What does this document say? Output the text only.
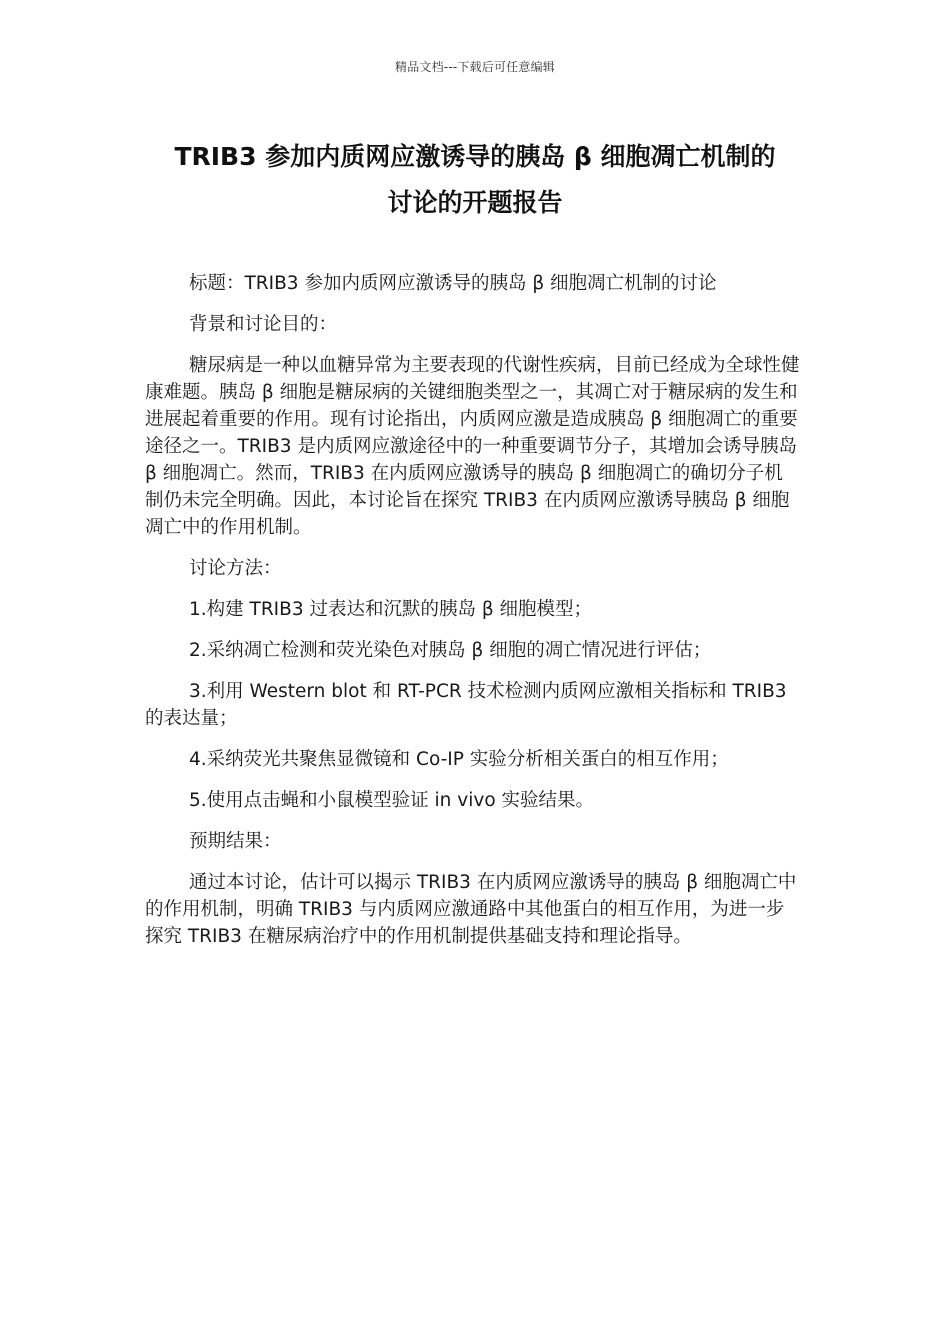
精品文档---下载后可任意编辑
TRIB3 参加内质网应激诱导的胰岛 β 细胞凋亡机制的
讨论的开题报告

标题：TRIB3 参加内质网应激诱导的胰岛 β 细胞凋亡机制的讨论

背景和讨论目的：

糖尿病是一种以血糖异常为主要表现的代谢性疾病，目前已经成为全球性健康难题。胰岛 β 细胞是糖尿病的关键细胞类型之一，其凋亡对于糖尿病的发生和进展起着重要的作用。现有讨论指出，内质网应激是造成胰岛 β 细胞凋亡的重要途径之一。TRIB3 是内质网应激途径中的一种重要调节分子，其增加会诱导胰岛 β 细胞凋亡。然而，TRIB3 在内质网应激诱导的胰岛 β 细胞凋亡的确切分子机制仍未完全明确。因此，本讨论旨在探究 TRIB3 在内质网应激诱导胰岛 β 细胞凋亡中的作用机制。

讨论方法：

1.构建 TRIB3 过表达和沉默的胰岛 β 细胞模型；

2.采纳凋亡检测和荧光染色对胰岛 β 细胞的凋亡情况进行评估；

3.利用 Western blot 和 RT-PCR 技术检测内质网应激相关指标和 TRIB3 的表达量；

4.采纳荧光共聚焦显微镜和 Co-IP 实验分析相关蛋白的相互作用；

5.使用点击蝇和小鼠模型验证 in vivo 实验结果。

预期结果：

通过本讨论，估计可以揭示 TRIB3 在内质网应激诱导的胰岛 β 细胞凋亡中的作用机制，明确 TRIB3 与内质网应激通路中其他蛋白的相互作用，为进一步探究 TRIB3 在糖尿病治疗中的作用机制提供基础支持和理论指导。
